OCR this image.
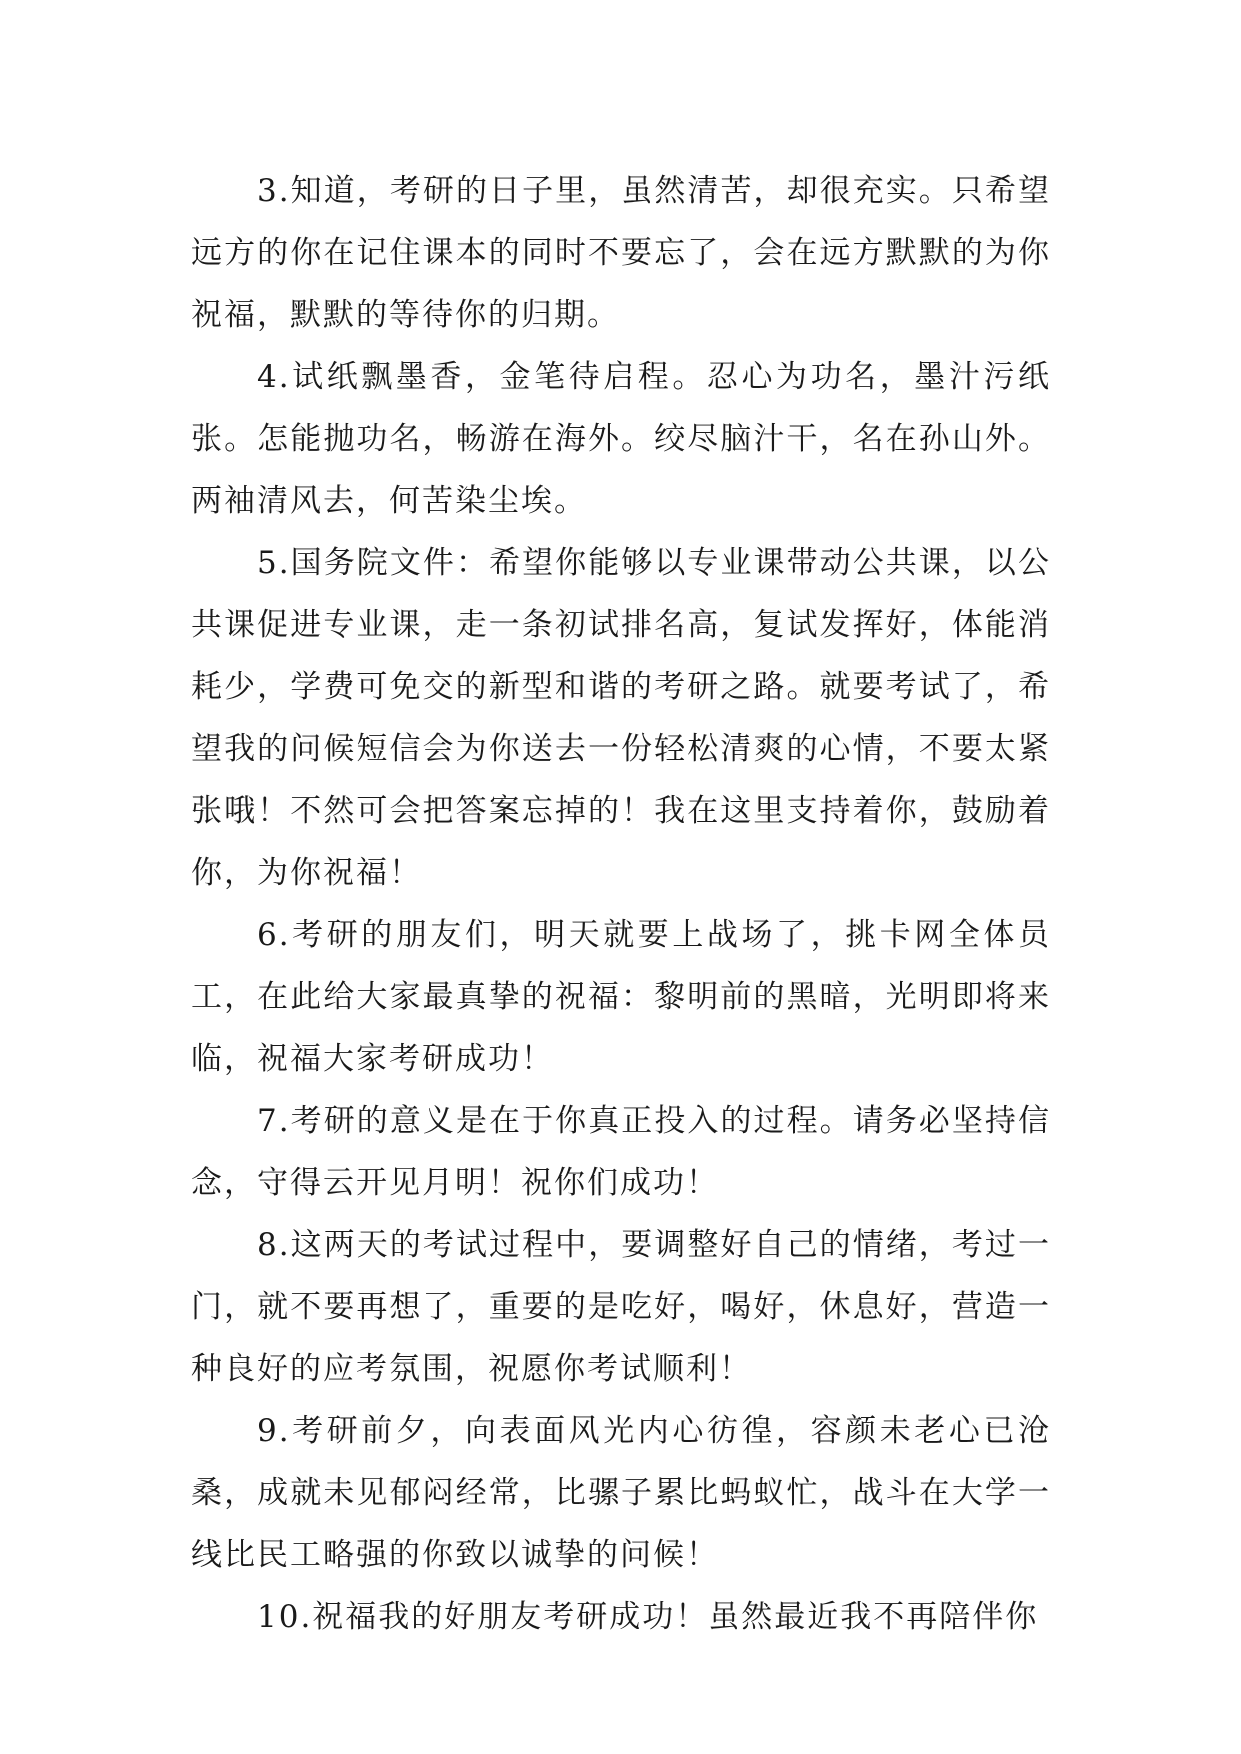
3.知道，考研的日子里，虽然清苦，却很充实。只希望远方的你在记住课本的同时不要忘了，会在远方默默的为你祝福，默默的等待你的归期。

4.试纸飘墨香，金笔待启程。忍心为功名，墨汁污纸张。怎能抛功名，畅游在海外。绞尽脑汁干，名在孙山外。两袖清风去，何苦染尘埃。

5.国务院文件：希望你能够以专业课带动公共课，以公共课促进专业课，走一条初试排名高，复试发挥好，体能消耗少，学费可免交的新型和谐的考研之路。就要考试了，希望我的问候短信会为你送去一份轻松清爽的心情，不要太紧张哦！不然可会把答案忘掉的！我在这里支持着你，鼓励着你，为你祝福！

6.考研的朋友们，明天就要上战场了，挑卡网全体员工，在此给大家最真挚的祝福：黎明前的黑暗，光明即将来临，祝福大家考研成功！

7.考研的意义是在于你真正投入的过程。请务必坚持信念，守得云开见月明！祝你们成功！

8.这两天的考试过程中，要调整好自己的情绪，考过一门，就不要再想了，重要的是吃好，喝好，休息好，营造一种良好的应考氛围，祝愿你考试顺利！

9.考研前夕，向表面风光内心彷徨，容颜未老心已沧桑，成就未见郁闷经常，比骡子累比蚂蚁忙，战斗在大学一线比民工略强的你致以诚挚的问候！

10.祝福我的好朋友考研成功！虽然最近我不再陪伴你
